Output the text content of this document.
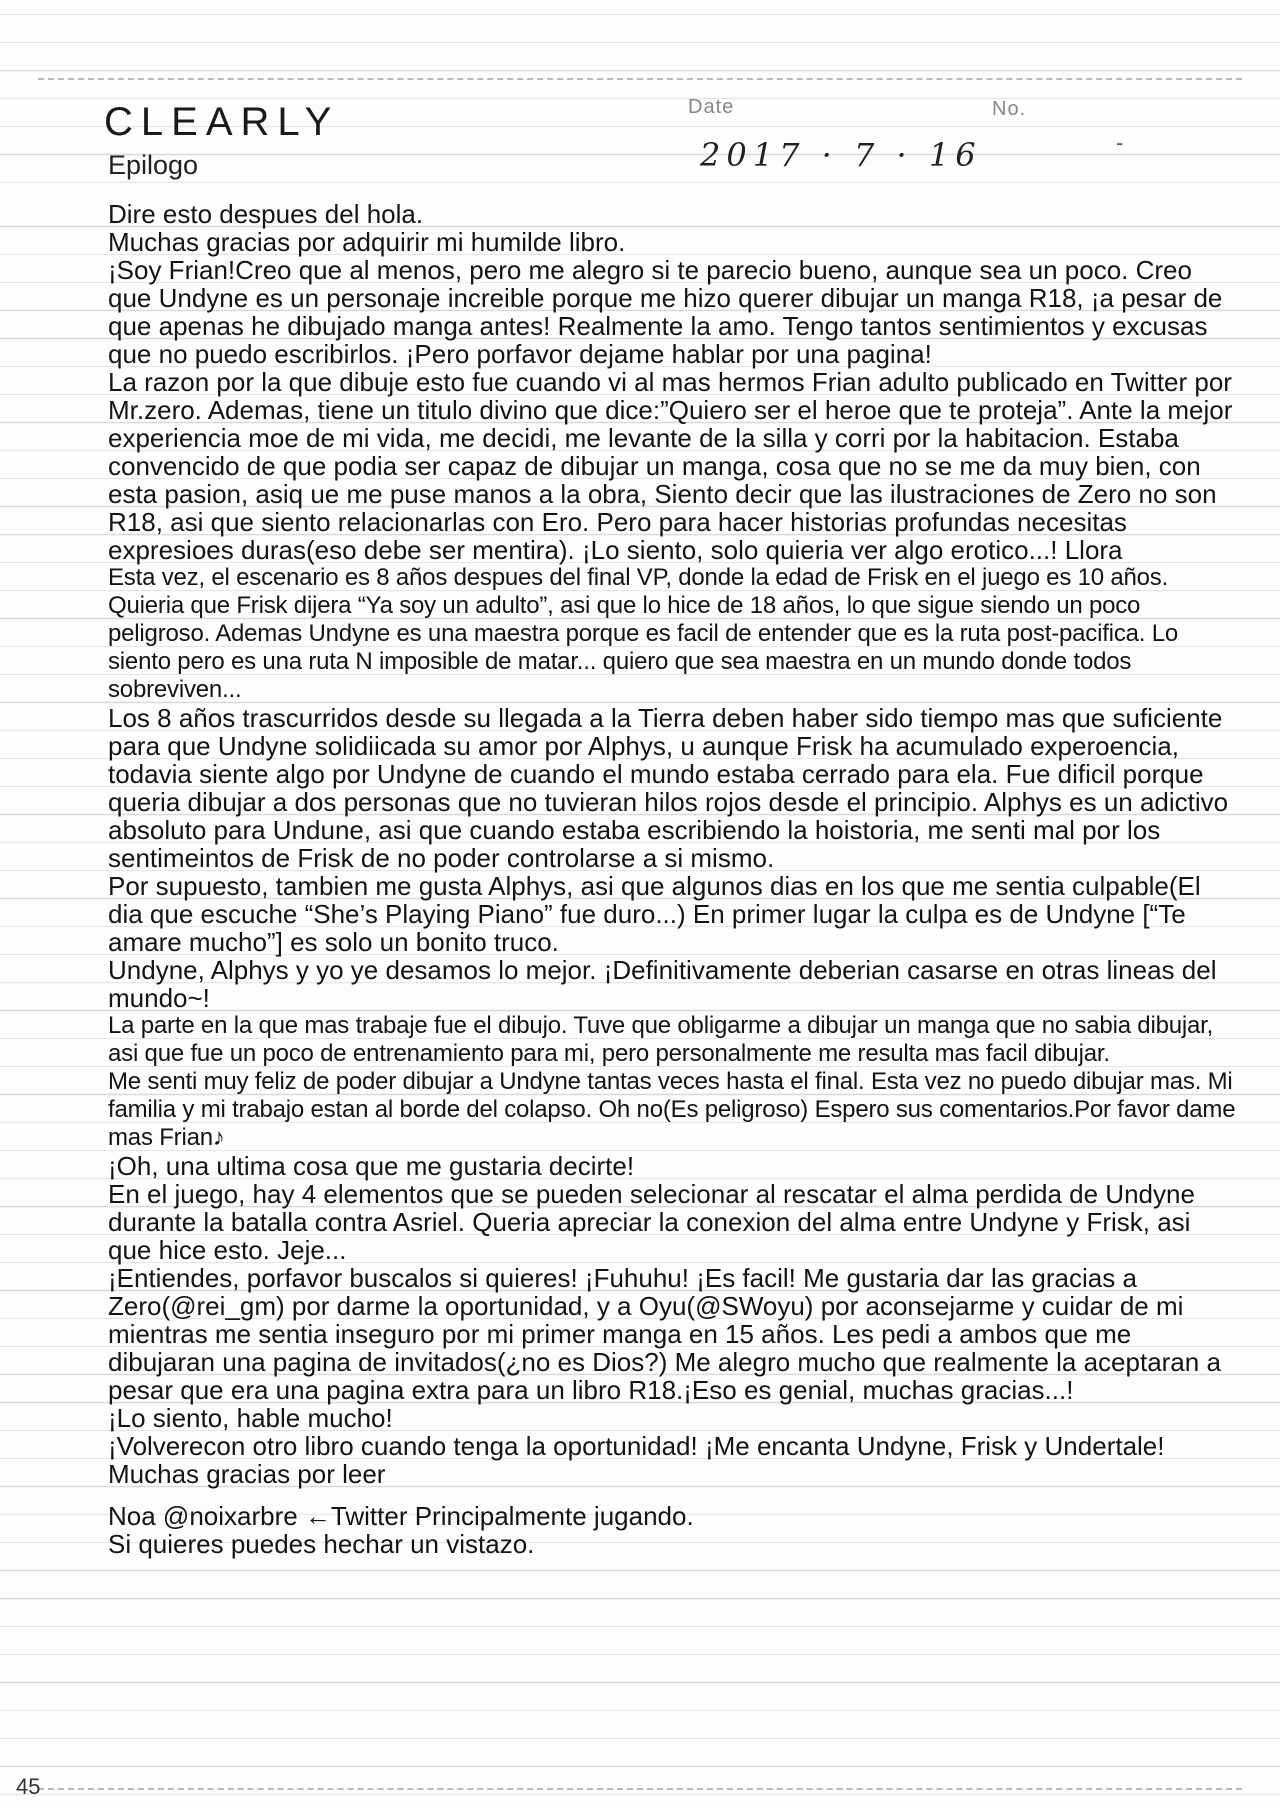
CLEARLY
Epilogo
Date	No.
2017 · 7 · 16	-

Dire esto despues del hola.

Muchas gracias por adquirir mi humilde libro.

¡Soy Frian!Creo que al menos, pero me alegro si te parecio bueno, aunque sea un poco. Creo que Undyne es un personaje increible porque me hizo querer dibujar un manga R18, ¡a pesar de que apenas he dibujado manga antes! Realmente la amo. Tengo tantos sentimientos y excusas que no puedo escribirlos. ¡Pero porfavor dejame hablar por una pagina!

La razon por la que dibuje esto fue cuando vi al mas hermos Frian adulto publicado en Twitter por Mr.zero. Ademas, tiene un titulo divino que dice:”Quiero ser el heroe que te proteja”. Ante la mejor experiencia moe de mi vida, me decidi, me levante de la silla y corri por la habitacion. Estaba convencido de que podia ser capaz de dibujar un manga, cosa que no se me da muy bien, con esta pasion, asiq ue me puse manos a la obra, Siento decir que las ilustraciones de Zero no son R18, asi que siento relacionarlas con Ero. Pero para hacer historias profundas necesitas expresioes duras(eso debe ser mentira). ¡Lo siento, solo quieria ver algo erotico...! Llora

Esta vez, el escenario es 8 años despues del final VP, donde la edad de Frisk en el juego es 10 años. Quieria que Frisk dijera “Ya soy un adulto”, asi que lo hice de 18 años, lo que sigue siendo un poco peligroso. Ademas Undyne es una maestra porque es facil de entender que es la ruta post-pacifica. Lo siento pero es una ruta N imposible de matar... quiero que sea maestra en un mundo donde todos sobreviven...

Los 8 años trascurridos desde su llegada a la Tierra deben haber sido tiempo mas que suficiente para que Undyne solidiicada su amor por Alphys, u aunque Frisk ha acumulado experoencia, todavia siente algo por Undyne de cuando el mundo estaba cerrado para ela. Fue dificil porque queria dibujar a dos personas que no tuvieran hilos rojos desde el principio. Alphys es un adictivo absoluto para Undune, asi que cuando estaba escribiendo la hoistoria, me senti mal por los sentimeintos de Frisk de no poder controlarse a si mismo.

Por supuesto, tambien me gusta Alphys, asi que algunos dias en los que me sentia culpable(El dia que escuche “She’s Playing Piano” fue duro...) En primer lugar la culpa es de Undyne [“Te amare mucho”] es solo un bonito truco.

Undyne, Alphys y yo ye desamos lo mejor. ¡Definitivamente deberian casarse en otras lineas del mundo~!

La parte en la que mas trabaje fue el dibujo. Tuve que obligarme a dibujar un manga que no sabia dibujar, asi que fue un poco de entrenamiento para mi, pero personalmente me resulta mas facil dibujar.

Me senti muy feliz de poder dibujar a Undyne tantas veces hasta el final. Esta vez no puedo dibujar mas. Mi familia y mi trabajo estan al borde del colapso. Oh no(Es peligroso) Espero sus comentarios.Por favor dame mas Frian♪

¡Oh, una ultima cosa que me gustaria decirte!

En el juego, hay 4 elementos que se pueden selecionar al rescatar el alma perdida de Undyne durante la batalla contra Asriel. Queria apreciar la conexion del alma entre Undyne y Frisk, asi que hice esto. Jeje...

¡Entiendes, porfavor buscalos si quieres! ¡Fuhuhu! ¡Es facil! Me gustaria dar las gracias a Zero(@rei_gm) por darme la oportunidad, y a Oyu(@SWoyu) por aconsejarme y cuidar de mi mientras me sentia inseguro por mi primer manga en 15 años. Les pedi a ambos que me dibujaran una pagina de invitados(¿no es Dios?) Me alegro mucho que realmente la aceptaran a pesar que era una pagina extra para un libro R18.¡Eso es genial, muchas gracias...!

¡Lo siento, hable mucho!

¡Volverecon otro libro cuando tenga la oportunidad! ¡Me encanta Undyne, Frisk y Undertale! Muchas gracias por leer

Noa @noixarbre ←Twitter Principalmente jugando.

Si quieres puedes hechar un vistazo.

45
